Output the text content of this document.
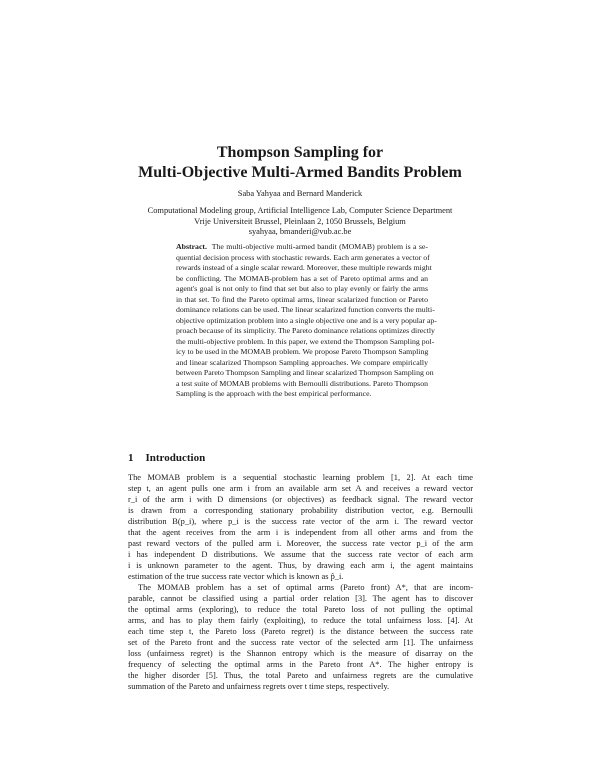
Thompson Sampling for
Multi-Objective Multi-Armed Bandits Problem
Saba Yahyaa and Bernard Manderick
Computational Modeling group, Artificial Intelligence Lab, Computer Science Department
Vrije Universiteit Brussel, Pleinlaan 2, 1050 Brussels, Belgium
syahyaa, bmanderi@vub.ac.be
Abstract. The multi-objective multi-armed bandit (MOMAB) problem is a se-
quential decision process with stochastic rewards. Each arm generates a vector of
rewards instead of a single scalar reward. Moreover, these multiple rewards might
be conflicting. The MOMAB-problem has a set of Pareto optimal arms and an
agent's goal is not only to find that set but also to play evenly or fairly the arms
in that set. To find the Pareto optimal arms, linear scalarized function or Pareto
dominance relations can be used. The linear scalarized function converts the multi-
objective optimization problem into a single objective one and is a very popular ap-
proach because of its simplicity. The Pareto dominance relations optimizes directly
the multi-objective problem. In this paper, we extend the Thompson Sampling pol-
icy to be used in the MOMAB problem. We propose Pareto Thompson Sampling
and linear scalarized Thompson Sampling approaches. We compare empirically
between Pareto Thompson Sampling and linear scalarized Thompson Sampling on
a test suite of MOMAB problems with Bernoulli distributions. Pareto Thompson
Sampling is the approach with the best empirical performance.
1 Introduction
The MOMAB problem is a sequential stochastic learning problem [1, 2]. At each time
step t, an agent pulls one arm i from an available arm set A and receives a reward vector
r_i of the arm i with D dimensions (or objectives) as feedback signal. The reward vector
is drawn from a corresponding stationary probability distribution vector, e.g. Bernoulli
distribution B(p_i), where p_i is the success rate vector of the arm i. The reward vector
that the agent receives from the arm i is independent from all other arms and from the
past reward vectors of the pulled arm i. Moreover, the success rate vector p_i of the arm
i has independent D distributions. We assume that the success rate vector of each arm
i is unknown parameter to the agent. Thus, by drawing each arm i, the agent maintains
estimation of the true success rate vector which is known as p̂_i.
The MOMAB problem has a set of optimal arms (Pareto front) A*, that are incom-
parable, cannot be classified using a partial order relation [3]. The agent has to discover
the optimal arms (exploring), to reduce the total Pareto loss of not pulling the optimal
arms, and has to play them fairly (exploiting), to reduce the total unfairness loss. [4]. At
each time step t, the Pareto loss (Pareto regret) is the distance between the success rate
set of the Pareto front and the success rate vector of the selected arm [1]. The unfairness
loss (unfairness regret) is the Shannon entropy which is the measure of disarray on the
frequency of selecting the optimal arms in the Pareto front A*. The higher entropy is
the higher disorder [5]. Thus, the total Pareto and unfairness regrets are the cumulative
summation of the Pareto and unfairness regrets over t time steps, respectively.
